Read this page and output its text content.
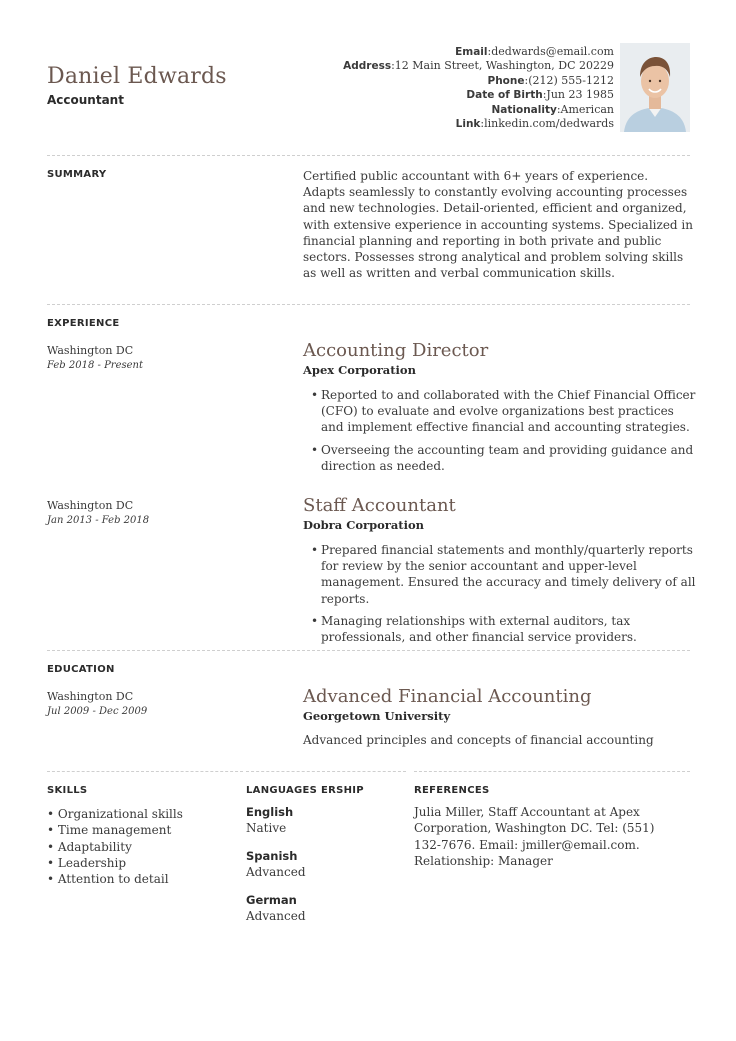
Daniel Edwards
Accountant
Email:dedwards@email.com
Address:12 Main Street, Washington, DC 20229
Phone:(212) 555-1212
Date of Birth:Jun 23 1985
Nationality:American
Link:linkedin.com/dedwards
SUMMARY	Certified public accountant with 6+ years of experience. Adapts seamlessly to constantly evolving accounting processes and new technologies. Detail-oriented, efficient and organized, with extensive experience in accounting systems. Specialized in financial planning and reporting in both private and public sectors. Possesses strong analytical and problem solving skills as well as written and verbal communication skills.
EXPERIENCE
Washington DC
Feb 2018 - Present
Accounting Director
Apex Corporation
• Reported to and collaborated with the Chief Financial Officer (CFO) to evaluate and evolve organizations best practices and implement effective financial and accounting strategies.
• Overseeing the accounting team and providing guidance and direction as needed.
Washington DC
Jan 2013 - Feb 2018
Staff Accountant
Dobra Corporation
• Prepared financial statements and monthly/quarterly reports for review by the senior accountant and upper-level management. Ensured the accuracy and timely delivery of all reports.
• Managing relationships with external auditors, tax professionals, and other financial service providers.
EDUCATION
Washington DC
Jul 2009 - Dec 2009
Advanced Financial Accounting
Georgetown University
Advanced principles and concepts of financial accounting
SKILLS
• Organizational skills
• Time management
• Adaptability
• Leadership
• Attention to detail
LANGUAGES ERSHIP
English
Native
Spanish
Advanced
German
Advanced
REFERENCES
Julia Miller, Staff Accountant at Apex Corporation, Washington DC. Tel: (551) 132-7676. Email: jmiller@email.com. Relationship: Manager
